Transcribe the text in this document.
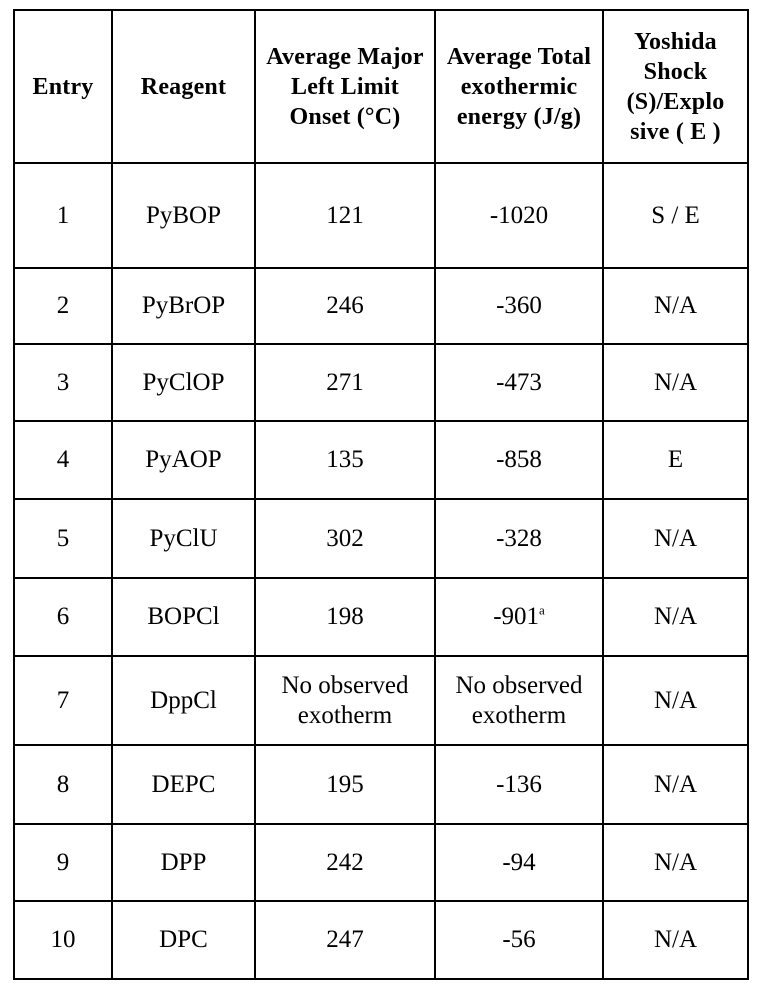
Entry	Reagent	Average Major Left Limit Onset (°C)	Average Total exothermic energy (J/g)	Yoshida Shock (S)/Explo sive ( E )
1	PyBOP	121	-1020	S / E
2	PyBrOP	246	-360	N/A
3	PyClOP	271	-473	N/A
4	PyAOP	135	-858	E
5	PyClU	302	-328	N/A
6	BOPCl	198	-901$^a$	N/A
7	DppCl	No observed exotherm	No observed exotherm	N/A
8	DEPC	195	-136	N/A
9	DPP	242	-94	N/A
10	DPC	247	-56	N/A
